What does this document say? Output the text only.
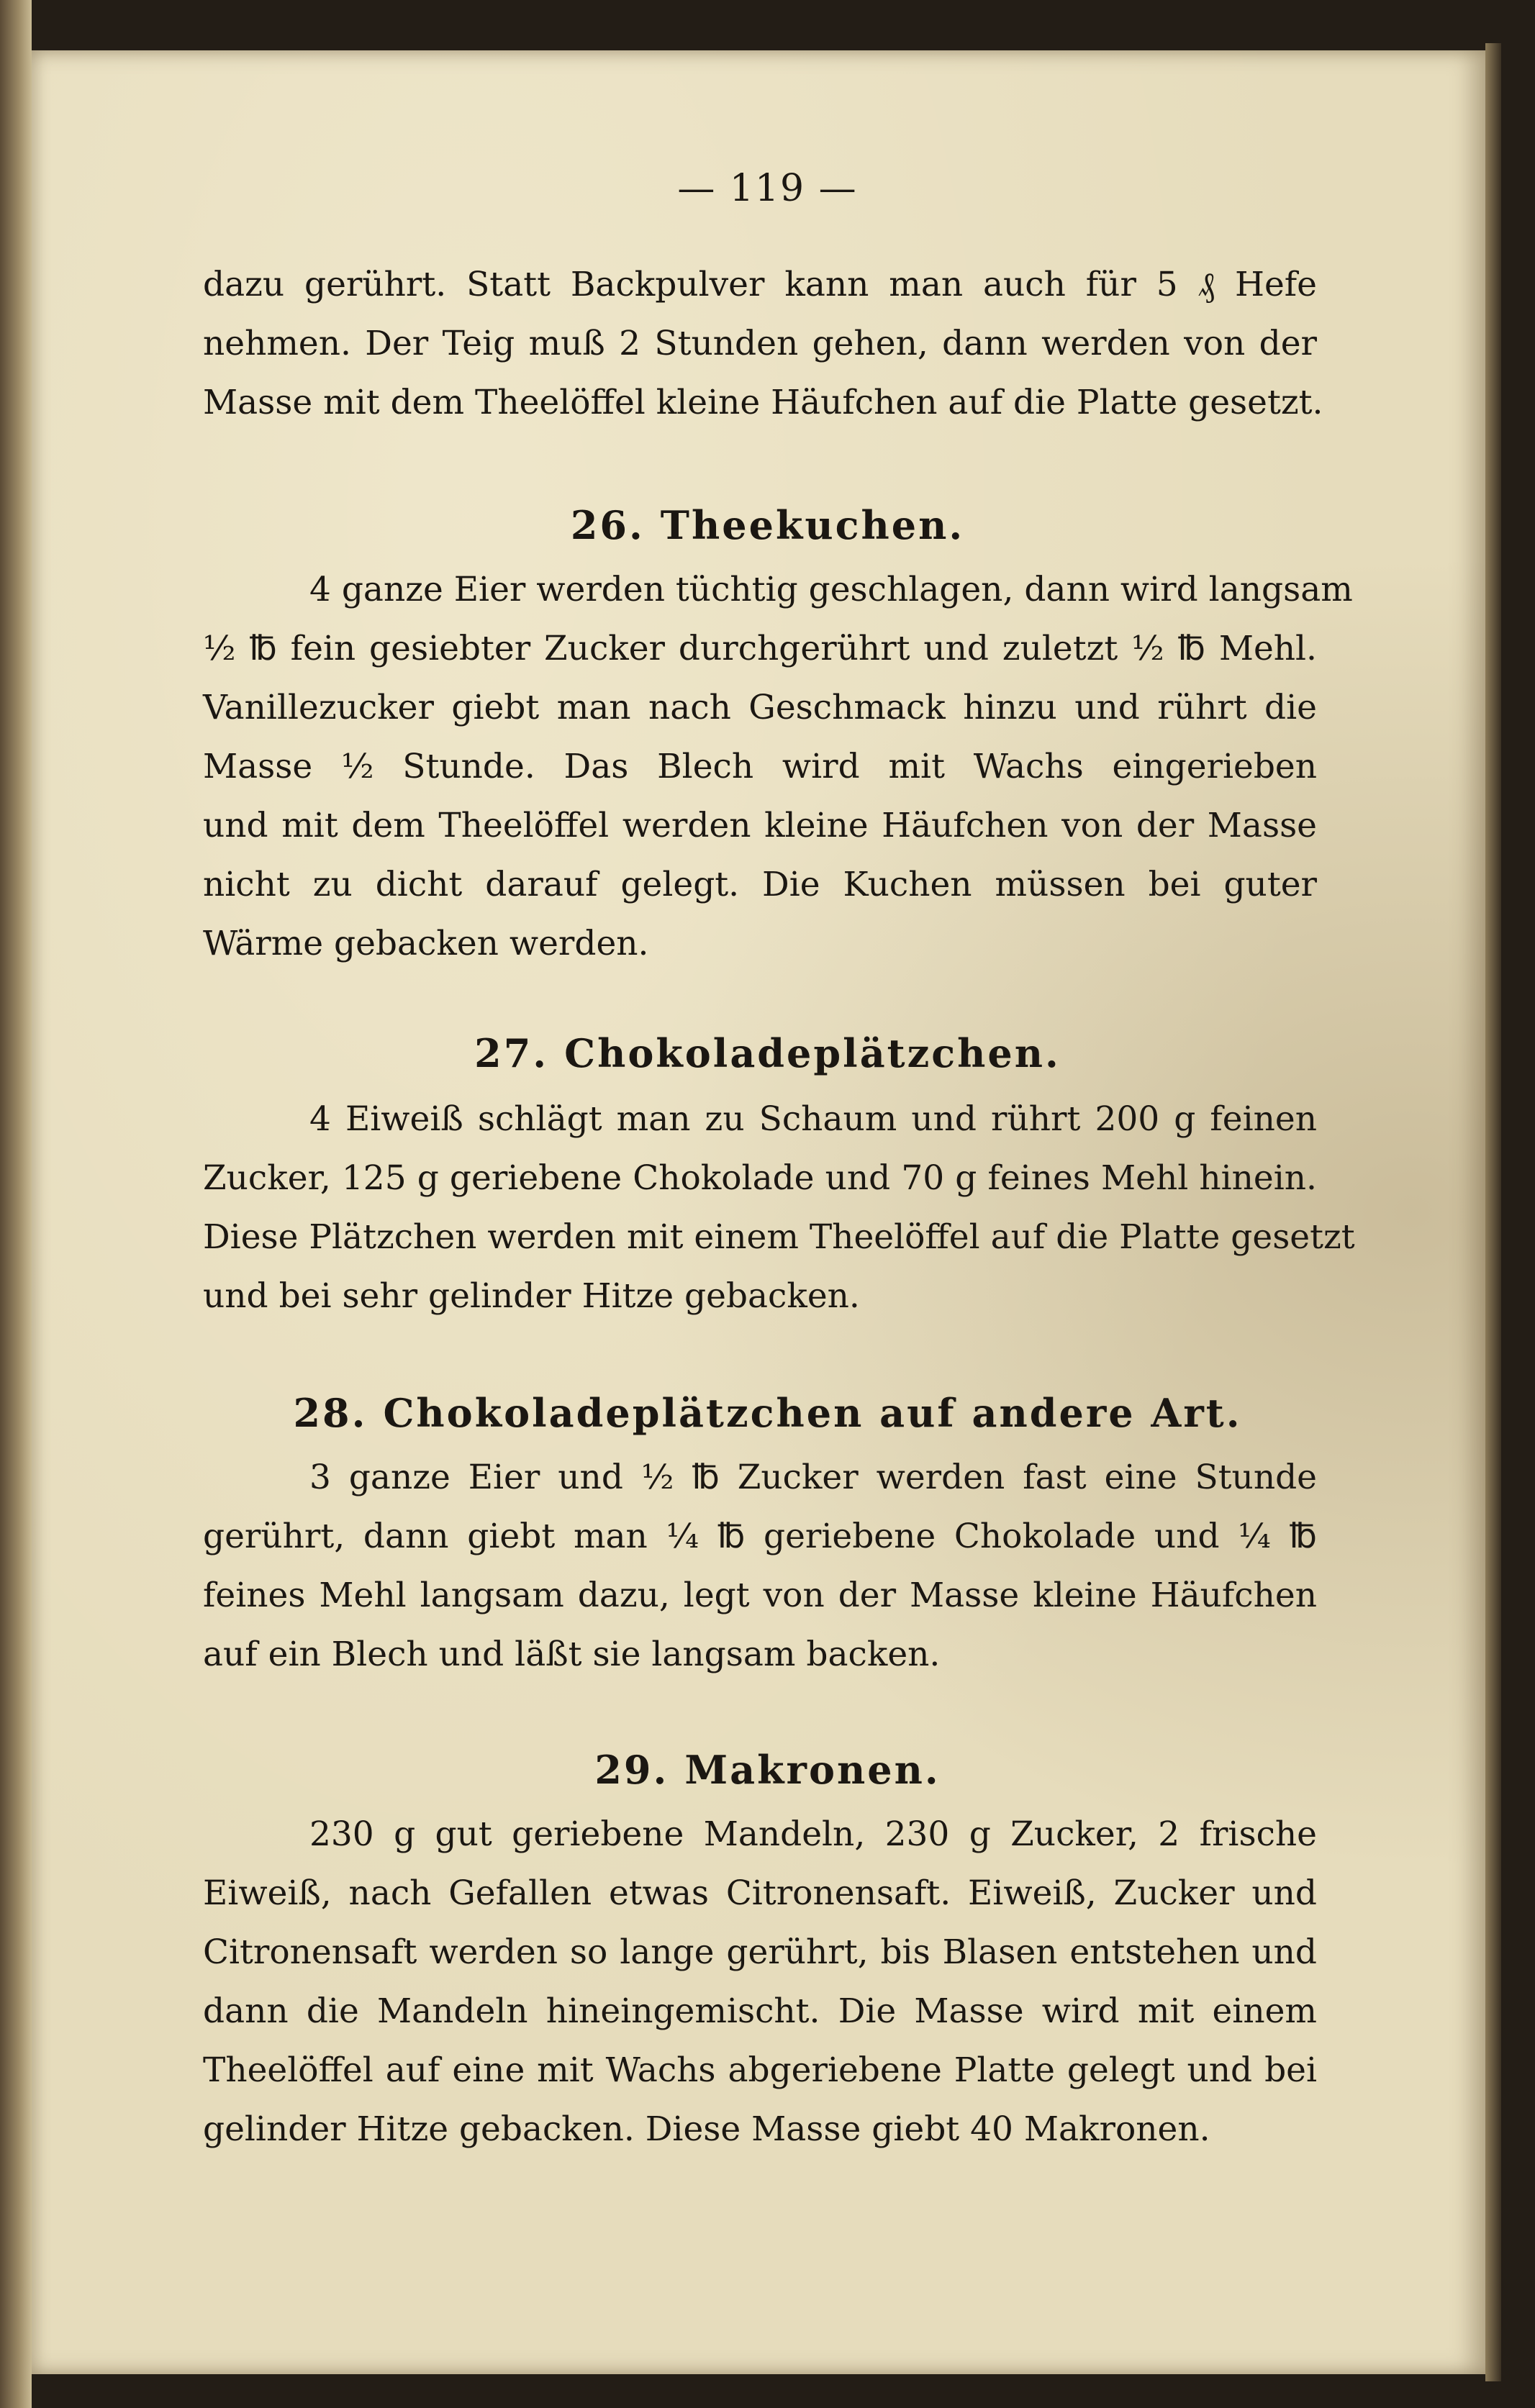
— 119 —
dazu gerührt. Statt Backpulver kann man auch für 5 ₰ Hefe
nehmen. Der Teig muß 2 Stunden gehen, dann werden von der
Masse mit dem Theelöffel kleine Häufchen auf die Platte gesetzt.
26. Theekuchen.
4 ganze Eier werden tüchtig geschlagen, dann wird langsam
½ ℔ fein gesiebter Zucker durchgerührt und zuletzt ½ ℔ Mehl.
Vanillezucker giebt man nach Geschmack hinzu und rührt die
Masse ½ Stunde. Das Blech wird mit Wachs eingerieben
und mit dem Theelöffel werden kleine Häufchen von der Masse
nicht zu dicht darauf gelegt. Die Kuchen müssen bei guter
Wärme gebacken werden.
27. Chokoladeplätzchen.
4 Eiweiß schlägt man zu Schaum und rührt 200 g feinen
Zucker, 125 g geriebene Chokolade und 70 g feines Mehl hinein.
Diese Plätzchen werden mit einem Theelöffel auf die Platte gesetzt
und bei sehr gelinder Hitze gebacken.
28. Chokoladeplätzchen auf andere Art.
3 ganze Eier und ½ ℔ Zucker werden fast eine Stunde
gerührt, dann giebt man ¼ ℔ geriebene Chokolade und ¼ ℔
feines Mehl langsam dazu, legt von der Masse kleine Häufchen
auf ein Blech und läßt sie langsam backen.
29. Makronen.
230 g gut geriebene Mandeln, 230 g Zucker, 2 frische
Eiweiß, nach Gefallen etwas Citronensaft. Eiweiß, Zucker und
Citronensaft werden so lange gerührt, bis Blasen entstehen und
dann die Mandeln hineingemischt. Die Masse wird mit einem
Theelöffel auf eine mit Wachs abgeriebene Platte gelegt und bei
gelinder Hitze gebacken. Diese Masse giebt 40 Makronen.
